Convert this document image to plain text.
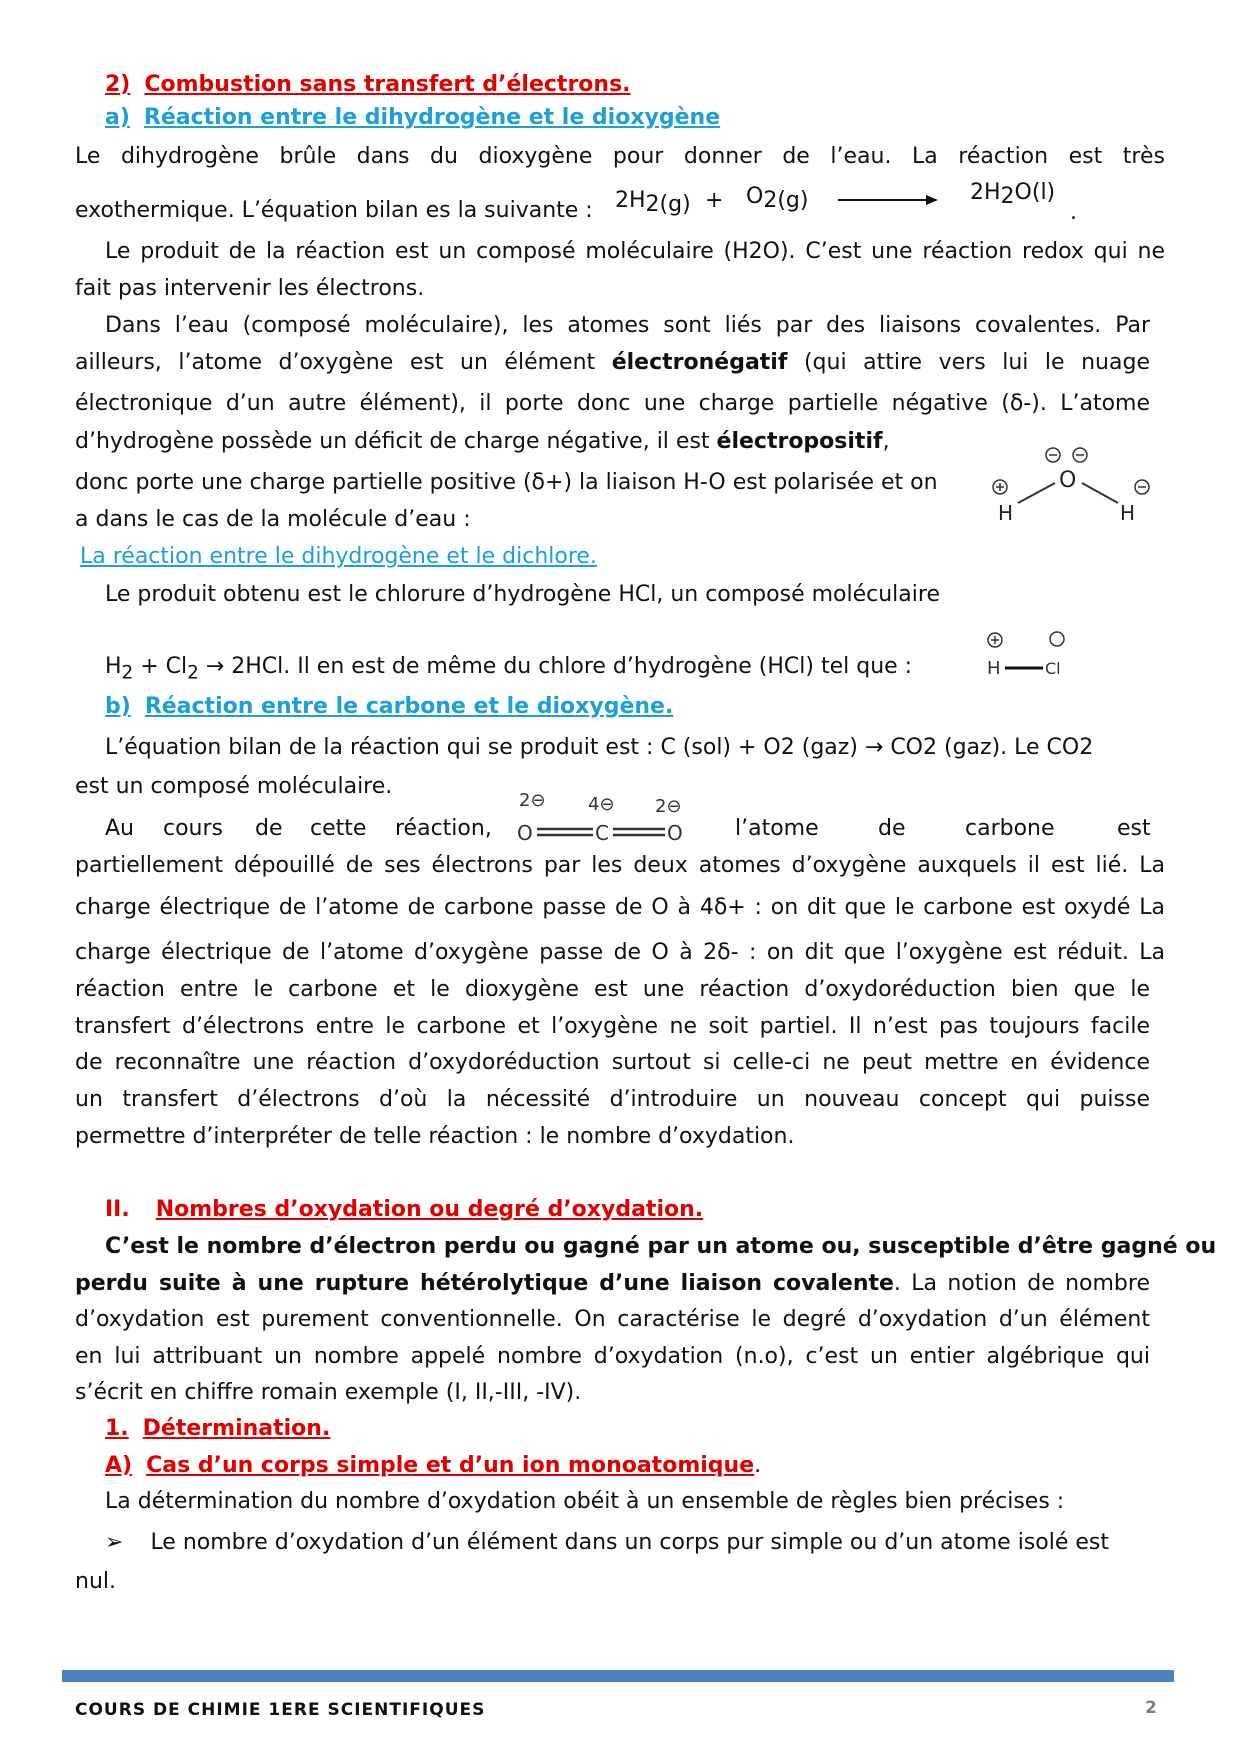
2) Combustion sans transfert d’électrons.

a) Réaction entre le dihydrogène et le dioxygène

Le dihydrogène brûle dans du dioxygène pour donner de l’eau. La réaction est très

exothermique. L’équation bilan es la suivante :	$2H_{2(g)} + O_{2(g)}$	$2H_2O(l)$
.

Le produit de la réaction est un composé moléculaire (H2O). C’est une réaction redox qui ne

fait pas intervenir les électrons.

Dans l’eau (composé moléculaire), les atomes sont liés par des liaisons covalentes. Par

ailleurs, l’atome d’oxygène est un élément électronégatif (qui attire vers lui le nuage

électronique d’un autre élément), il porte donc une charge partielle négative (δ-). L’atome

d’hydrogène possède un déficit de charge négative, il est électropositif,

donc porte une charge partielle positive (δ+) la liaison H-O est polarisée et on

a dans le cas de la molécule d’eau :

O
H	H

La réaction entre le dihydrogène et le dichlore.

Le produit obtenu est le chlorure d’hydrogène HCl, un composé moléculaire

$H_2 + Cl_2 \to 2HCl$. Il en est de même du chlore d’hydrogène (HCl) tel que :	H	Cl

b) Réaction entre le carbone et le dioxygène.

L’équation bilan de la réaction qui se produit est : C (sol) + O2 (gaz) → CO2 (gaz). Le CO2

est un composé moléculaire.

2⊖ 4⊖ 2⊖
O	C	O

Au cours de cette réaction,	l’atome	de	carbone	est

partiellement dépouillé de ses électrons par les deux atomes d’oxygène auxquels il est lié. La

charge électrique de l’atome de carbone passe de O à 4δ+ : on dit que le carbone est oxydé La

charge électrique de l’atome d’oxygène passe de O à 2δ- : on dit que l’oxygène est réduit. La

réaction entre le carbone et le dioxygène est une réaction d’oxydoréduction bien que le

transfert d’électrons entre le carbone et l’oxygène ne soit partiel. Il n’est pas toujours facile

de reconnaître une réaction d’oxydoréduction surtout si celle-ci ne peut mettre en évidence

un transfert d’électrons d’où la nécessité d’introduire un nouveau concept qui puisse

permettre d’interpréter de telle réaction : le nombre d’oxydation.

II. Nombres d’oxydation ou degré d’oxydation.

C’est le nombre d’électron perdu ou gagné par un atome ou, susceptible d’être gagné ou

perdu suite à une rupture hétérolytique d’une liaison covalente. La notion de nombre

d’oxydation est purement conventionnelle. On caractérise le degré d’oxydation d’un élément

en lui attribuant un nombre appelé nombre d’oxydation (n.o), c’est un entier algébrique qui

s’écrit en chiffre romain exemple (I, II,-III, -IV).

1. Détermination.

A) Cas d’un corps simple et d’un ion monoatomique.

La détermination du nombre d’oxydation obéit à un ensemble de règles bien précises :

➢ Le nombre d’oxydation d’un élément dans un corps pur simple ou d’un atome isolé est

nul.

COURS DE CHIMIE 1ERE SCIENTIFIQUES	2
